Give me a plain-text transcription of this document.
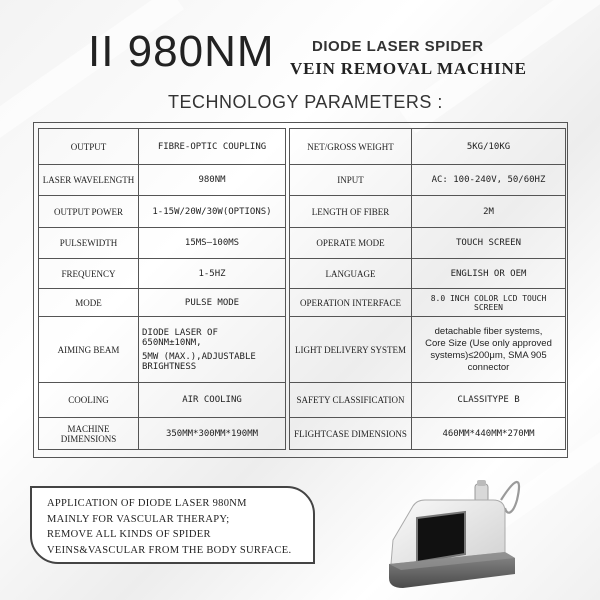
II 980NM DIODE LASER SPIDER
VEIN REMOVAL MACHINE
TECHNOLOGY PARAMETERS :
OUTPUT	FIBRE-OPTIC COUPLING
LASER WAVELENGTH	980NM
OUTPUT POWER	1-15W/20W/30W(OPTIONS)
PULSEWIDTH	15MS—100MS
FREQUENCY	1-5HZ
MODE	PULSE MODE
AIMING BEAM	DIODE LASER OF 650NM±10NM,
5MW (MAX.),ADJUSTABLE BRIGHTNESS

COOLING	AIR COOLING
MACHINE DIMENSIONS	350MM*300MM*190MM
NET/GROSS WEIGHT	5KG/10KG
INPUT	AC: 100-240V, 50/60HZ
LENGTH OF FIBER	2M
OPERATE MODE	TOUCH SCREEN
LANGUAGE	ENGLISH OR OEM
OPERATION INTERFACE	8.0 INCH COLOR LCD TOUCH SCREEN
LIGHT DELIVERY SYSTEM	detachable fiber systems,
Core Size (Use only approved
systems)≤200μm, SMA 905
connector

SAFETY CLASSIFICATION	CLASSⅠTYPE B
FLIGHTCASE DIMENSIONS	460MM*440MM*270MM
APPLICATION OF DIODE LASER 980NM
MAINLY FOR VASCULAR THERAPY;
REMOVE ALL KINDS OF SPIDER
VEINS&VASCULAR FROM THE BODY SURFACE.
